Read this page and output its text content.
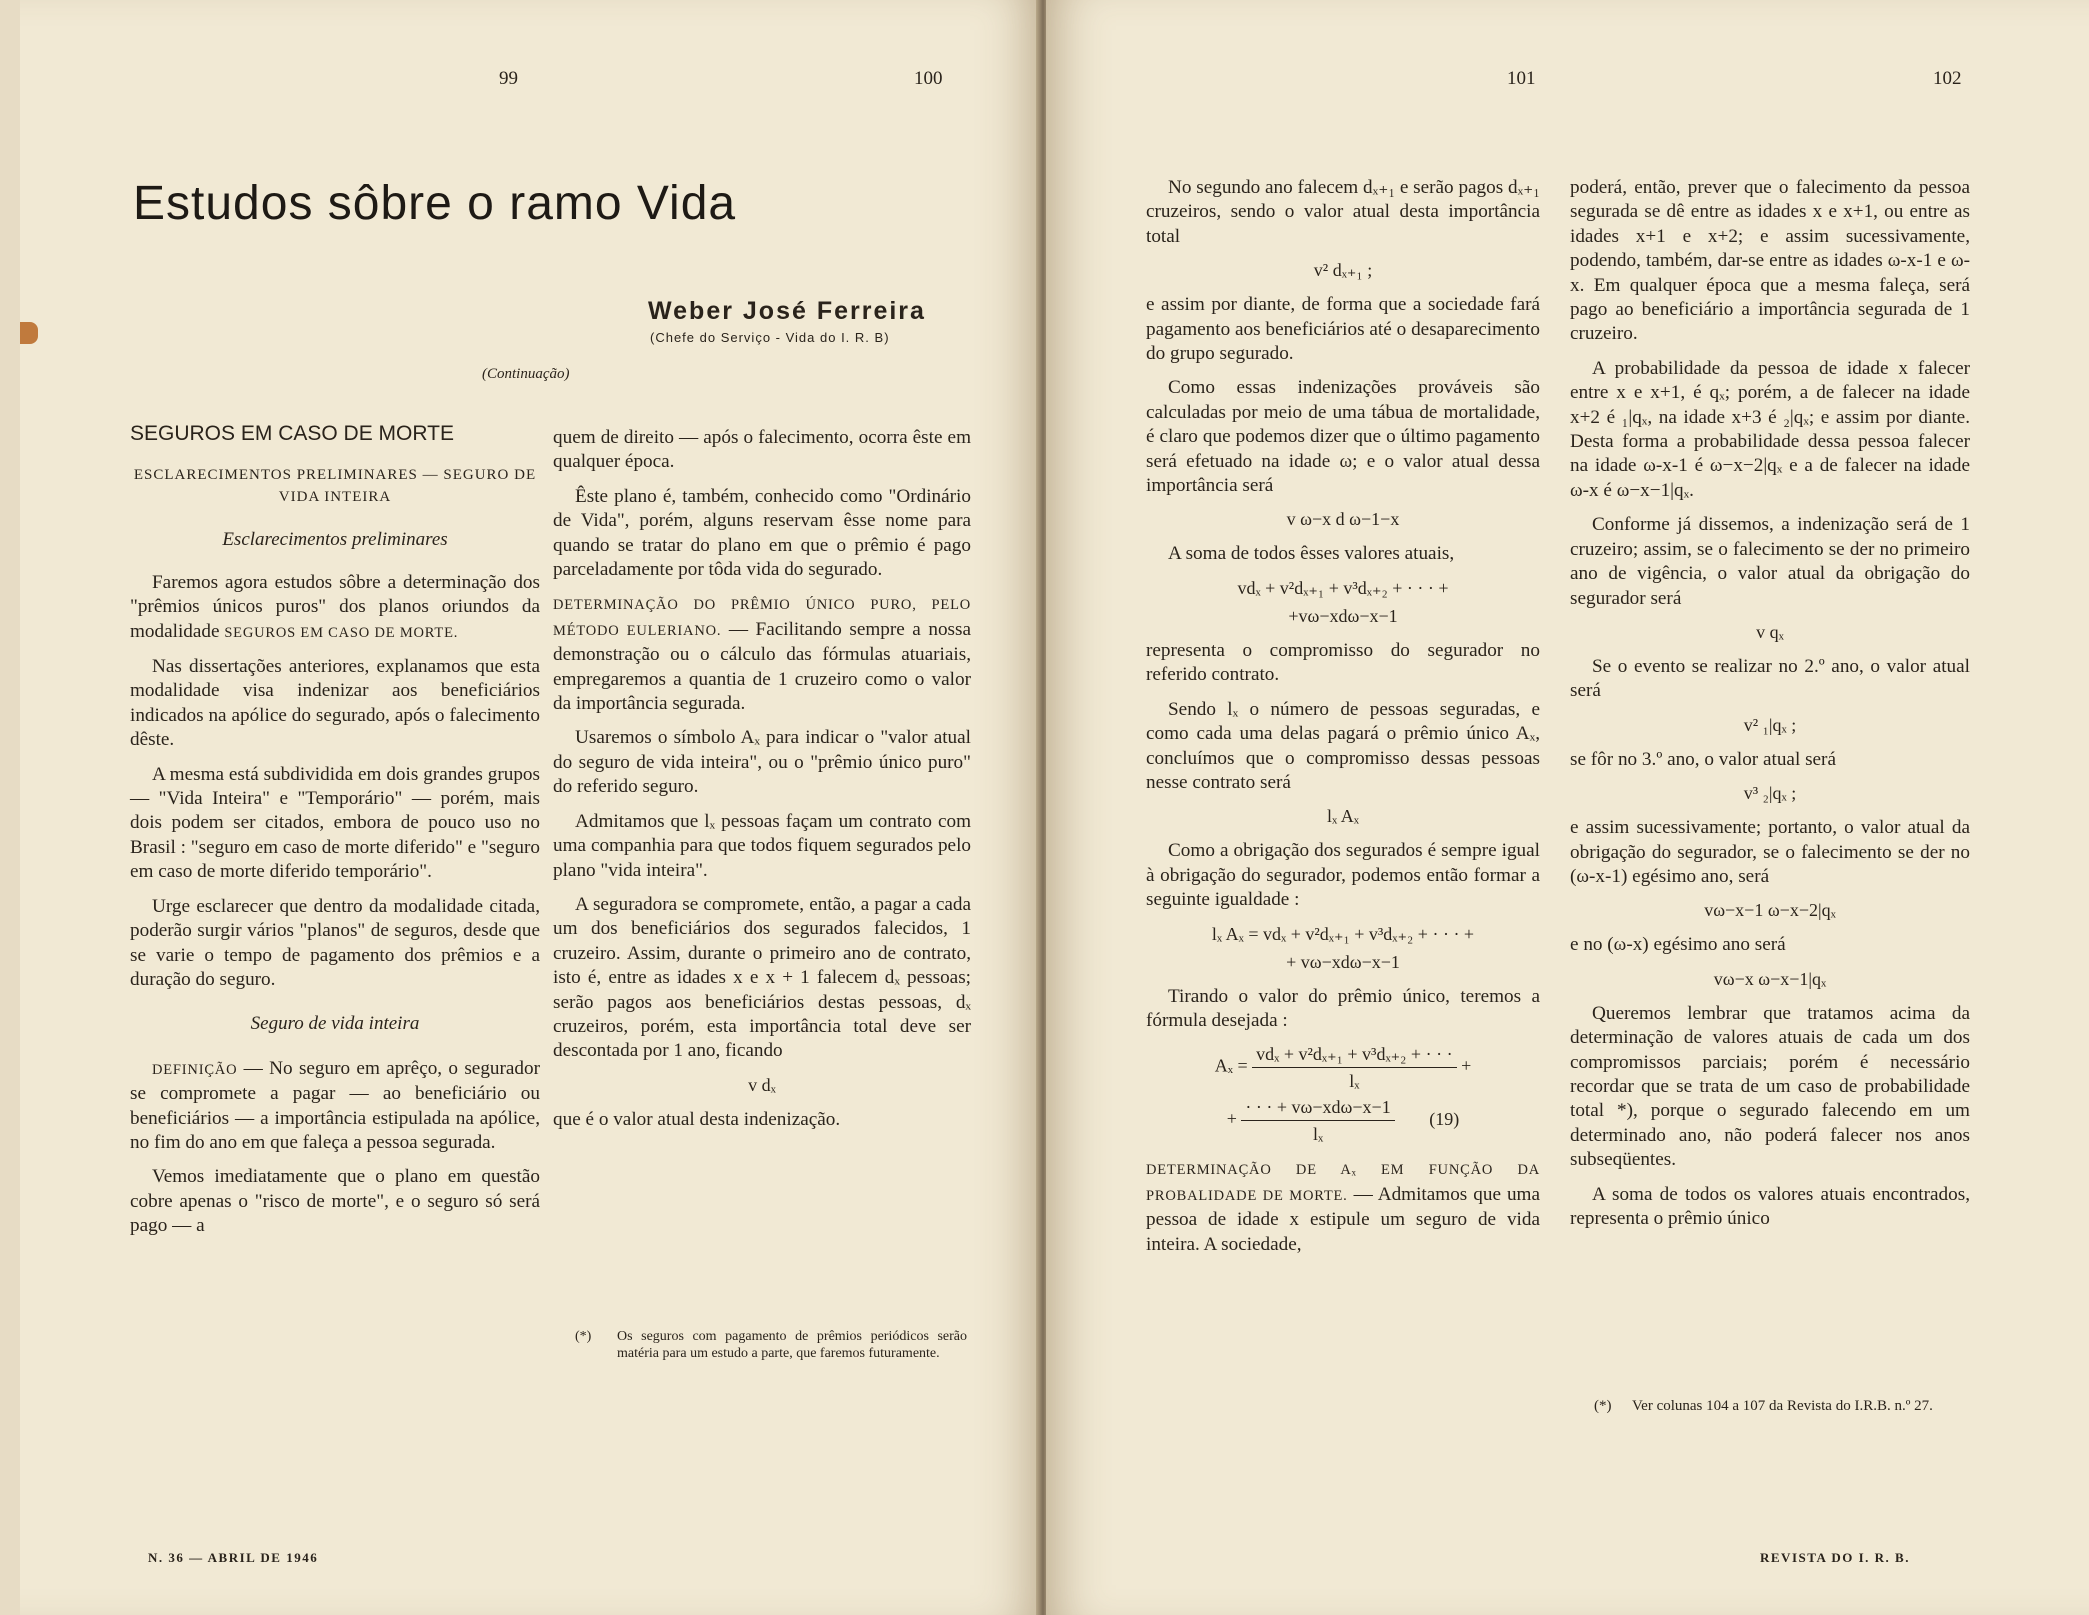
99	100
Estudos sôbre o ramo Vida
Weber José Ferreira
(Chefe do Serviço - Vida do I. R. B)
(Continuação)
SEGUROS EM CASO DE MORTE
ESCLARECIMENTOS PRELIMINARES — SEGURO DE VIDA INTEIRA
Esclarecimentos preliminares

Faremos agora estudos sôbre a determinação dos "prêmios únicos puros" dos planos oriundos da modalidade SEGUROS EM CASO DE MORTE.

Nas dissertações anteriores, explanamos que esta modalidade visa indenizar aos beneficiários indicados na apólice do segurado, após o falecimento dêste.

A mesma está subdividida em dois grandes grupos — "Vida Inteira" e "Temporário" — porém, mais dois podem ser citados, embora de pouco uso no Brasil : "seguro em caso de morte diferido" e "seguro em caso de morte diferido temporário".

Urge esclarecer que dentro da modalidade citada, poderão surgir vários "planos" de seguros, desde que se varie o tempo de pagamento dos prêmios e a duração do seguro.

Seguro de vida inteira

DEFINIÇÃO — No seguro em aprêço, o segurador se compromete a pagar — ao beneficiário ou beneficiários — a importância estipulada na apólice, no fim do ano em que faleça a pessoa segurada.

Vemos imediatamente que o plano em questão cobre apenas o "risco de morte", e o seguro só será pago — a

quem de direito — após o falecimento, ocorra êste em qualquer época.

Êste plano é, também, conhecido como "Ordinário de Vida", porém, alguns reservam êsse nome para quando se tratar do plano em que o prêmio é pago parceladamente por tôda vida do segurado.

DETERMINAÇÃO DO PRÊMIO ÚNICO PURO, PELO MÉTODO EULERIANO. — Facilitando sempre a nossa demonstração ou o cálculo das fórmulas atuariais, empregaremos a quantia de 1 cruzeiro como o valor da importância segurada.

Usaremos o símbolo Aₓ para indicar o "valor atual do seguro de vida inteira", ou o "prêmio único puro" do referido seguro.

Admitamos que lₓ pessoas façam um contrato com uma companhia para que todos fiquem segurados pelo plano "vida inteira".

A seguradora se compromete, então, a pagar a cada um dos beneficiários dos segurados falecidos, 1 cruzeiro. Assim, durante o primeiro ano de contrato, isto é, entre as idades x e x + 1 falecem dₓ pessoas; serão pagos aos beneficiários destas pessoas, dₓ cruzeiros, porém, esta importância total deve ser descontada por 1 ano, ficando

v dₓ

que é o valor atual desta indenização.

(*) Os seguros com pagamento de prêmios periódicos serão matéria para um estudo a parte, que faremos futuramente.
N. 36 — ABRIL DE 1946
101	102

No segundo ano falecem dₓ₊₁ e serão pagos dₓ₊₁ cruzeiros, sendo o valor atual desta importância total

v² dₓ₊₁ ;

e assim por diante, de forma que a sociedade fará pagamento aos beneficiários até o desaparecimento do grupo segurado.

Como essas indenizações prováveis são calculadas por meio de uma tábua de mortalidade, é claro que podemos dizer que o último pagamento será efetuado na idade ω; e o valor atual dessa importância será

v ω−x d ω−1−x

A soma de todos êsses valores atuais,

vdₓ + v²dₓ₊₁ + v³dₓ₊₂ + · · · +
+vω−xdω−x−1

representa o compromisso do segurador no referido contrato.

Sendo lₓ o número de pessoas seguradas, e como cada uma delas pagará o prêmio único Aₓ, concluímos que o compromisso dessas pessoas nesse contrato será

lₓ Aₓ

Como a obrigação dos segurados é sempre igual à obrigação do segurador, podemos então formar a seguinte igualdade :

lₓ Aₓ = vdₓ + v²dₓ₊₁ + v³dₓ₊₂ + · · · +
+ vω−xdω−x−1

Tirando o valor do prêmio único, teremos a fórmula desejada :

$A_x = \frac{\text{vdₓ + v²dₓ₊₁ + v³dₓ₊₂ + · · ·}}{\text{lₓ}}$ +
+ $\frac{\text{· · · + vω−xdω−x−1}}{\text{lₓ}} (19)$

DETERMINAÇÃO DE Aₓ EM FUNÇÃO DA PROBALIDADE DE MORTE. — Admitamos que uma pessoa de idade x estipule um seguro de vida inteira. A sociedade,

poderá, então, prever que o falecimento da pessoa segurada se dê entre as idades x e x+1, ou entre as idades x+1 e x+2; e assim sucessivamente, podendo, também, dar-se entre as idades ω-x-1 e ω-x. Em qualquer época que a mesma faleça, será pago ao beneficiário a importância segurada de 1 cruzeiro.

A probabilidade da pessoa de idade x falecer entre x e x+1, é qₓ; porém, a de falecer na idade x+2 é ₁|qₓ, na idade x+3 é ₂|qₓ; e assim por diante. Desta forma a probabilidade dessa pessoa falecer na idade ω-x-1 é ω−x−2|qₓ e a de falecer na idade ω-x é ω−x−1|qₓ.

Conforme já dissemos, a indenização será de 1 cruzeiro; assim, se o falecimento se der no primeiro ano de vigência, o valor atual da obrigação do segurador será

v qₓ

Se o evento se realizar no 2.º ano, o valor atual será

v² ₁|qₓ ;

se fôr no 3.º ano, o valor atual será

v³ ₂|qₓ ;

e assim sucessivamente; portanto, o valor atual da obrigação do segurador, se o falecimento se der no (ω-x-1) egésimo ano, será

vω−x−1 ω−x−2|qₓ

e no (ω-x) egésimo ano será

vω−x ω−x−1|qₓ

Queremos lembrar que tratamos acima da determinação de valores atuais de cada um dos compromissos parciais; porém é necessário recordar que se trata de um caso de probabilidade total *), porque o segurado falecendo em um determinado ano, não poderá falecer nos anos subseqüentes.

A soma de todos os valores atuais encontrados, representa o prêmio único

(*) Ver colunas 104 a 107 da Revista do I.R.B. n.º 27.
REVISTA DO I. R. B.
